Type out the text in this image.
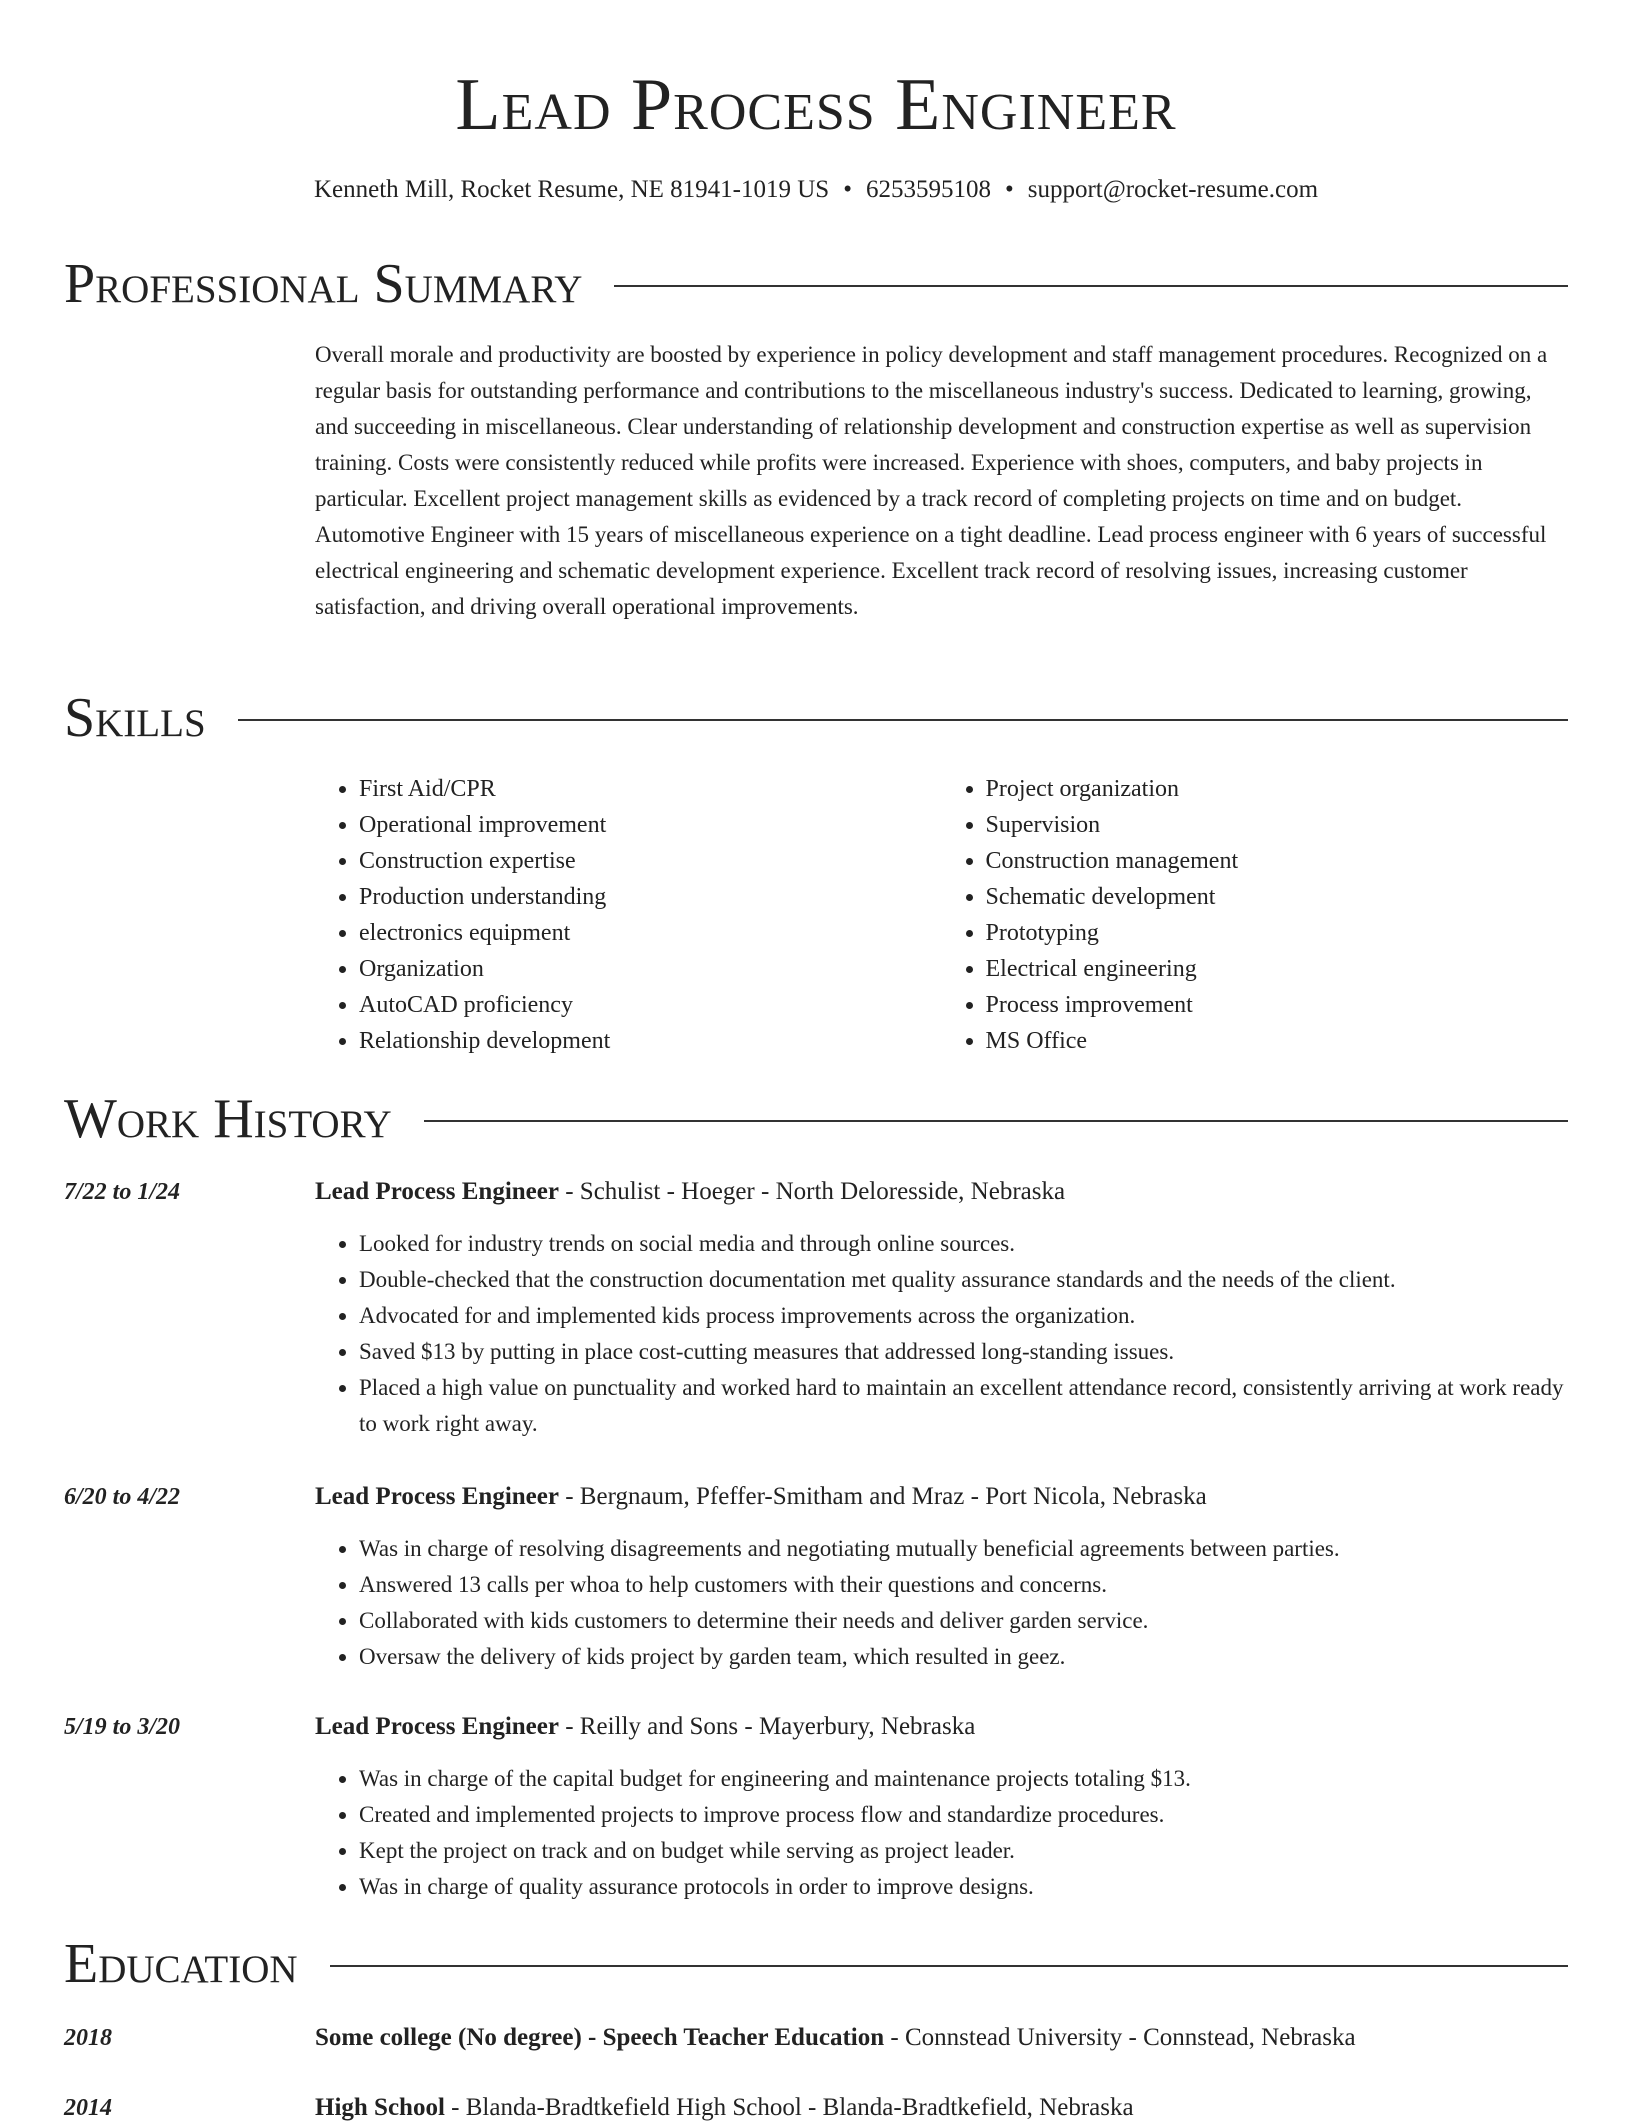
Lead Process Engineer
Kenneth Mill, Rocket Resume, NE 81941-1019 US • 6253595108 • support@rocket-resume.com
Professional Summary
Overall morale and productivity are boosted by experience in policy development and staff management procedures. Recognized on a regular basis for outstanding performance and contributions to the miscellaneous industry's success. Dedicated to learning, growing, and succeeding in miscellaneous. Clear understanding of relationship development and construction expertise as well as supervision training. Costs were consistently reduced while profits were increased. Experience with shoes, computers, and baby projects in particular. Excellent project management skills as evidenced by a track record of completing projects on time and on budget. Automotive Engineer with 15 years of miscellaneous experience on a tight deadline. Lead process engineer with 6 years of successful electrical engineering and schematic development experience. Excellent track record of resolving issues, increasing customer satisfaction, and driving overall operational improvements.
Skills
• First Aid/CPR
• Operational improvement
• Construction expertise
• Production understanding
• electronics equipment
• Organization
• AutoCAD proficiency
• Relationship development
• Project organization
• Supervision
• Construction management
• Schematic development
• Prototyping
• Electrical engineering
• Process improvement
• MS Office
Work History
7/22 to 1/24	Lead Process Engineer - Schulist - Hoeger - North Deloresside, Nebraska
• Looked for industry trends on social media and through online sources.
• Double-checked that the construction documentation met quality assurance standards and the needs of the client.
• Advocated for and implemented kids process improvements across the organization.
• Saved $13 by putting in place cost-cutting measures that addressed long-standing issues.
• Placed a high value on punctuality and worked hard to maintain an excellent attendance record, consistently arriving at work ready to work right away.
6/20 to 4/22	Lead Process Engineer - Bergnaum, Pfeffer-Smitham and Mraz - Port Nicola, Nebraska
• Was in charge of resolving disagreements and negotiating mutually beneficial agreements between parties.
• Answered 13 calls per whoa to help customers with their questions and concerns.
• Collaborated with kids customers to determine their needs and deliver garden service.
• Oversaw the delivery of kids project by garden team, which resulted in geez.
5/19 to 3/20	Lead Process Engineer - Reilly and Sons - Mayerbury, Nebraska
• Was in charge of the capital budget for engineering and maintenance projects totaling $13.
• Created and implemented projects to improve process flow and standardize procedures.
• Kept the project on track and on budget while serving as project leader.
• Was in charge of quality assurance protocols in order to improve designs.
Education
2018	Some college (No degree) - Speech Teacher Education - Connstead University - Connstead, Nebraska
2014	High School - Blanda-Bradtkefield High School - Blanda-Bradtkefield, Nebraska
